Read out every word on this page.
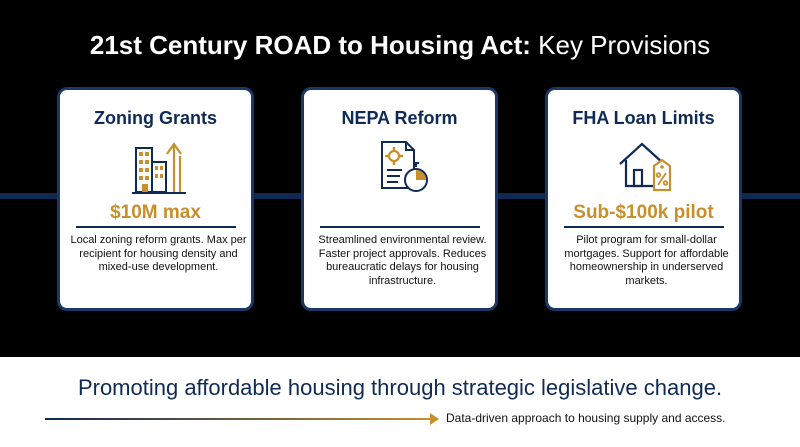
21st Century ROAD to Housing Act: Key Provisions
Zoning Grants
$10M max
Local zoning reform grants. Max per recipient for housing density and mixed-use development.
NEPA Reform
Streamlined environmental review. Faster project approvals. Reduces bureaucratic delays for housing infrastructure.
FHA Loan Limits
Sub-$100k pilot
Pilot program for small-dollar mortgages. Support for affordable homeownership in underserved markets.
Promoting affordable housing through strategic legislative change.
Data-driven approach to housing supply and access.
